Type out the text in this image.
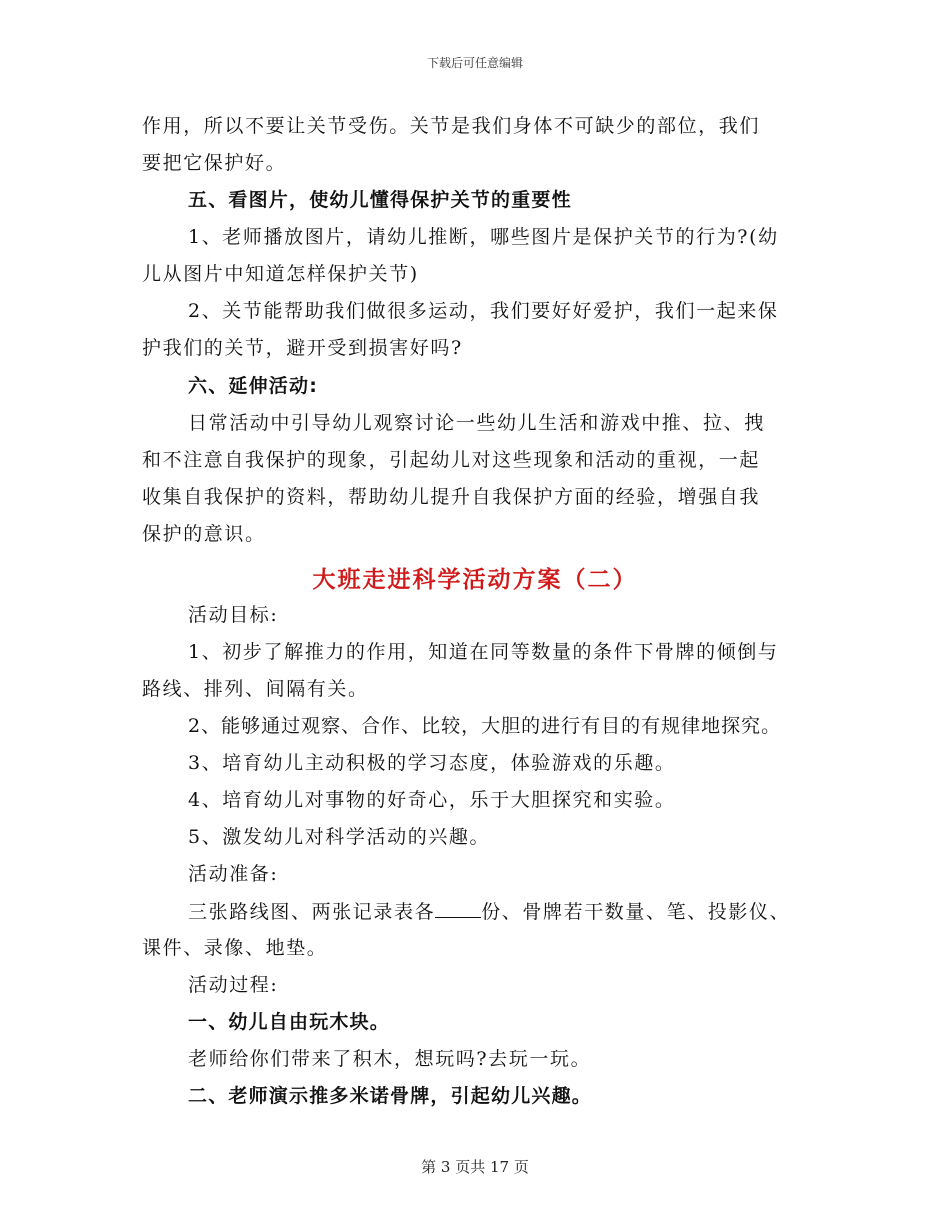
下载后可任意编辑
作用，所以不要让关节受伤。关节是我们身体不可缺少的部位，我们
要把它保护好。
五、看图片，使幼儿懂得保护关节的重要性
1、老师播放图片，请幼儿推断，哪些图片是保护关节的行为?(幼
儿从图片中知道怎样保护关节)
2、关节能帮助我们做很多运动，我们要好好爱护，我们一起来保
护我们的关节，避开受到损害好吗?
六、延伸活动:
日常活动中引导幼儿观察讨论一些幼儿生活和游戏中推、拉、拽
和不注意自我保护的现象，引起幼儿对这些现象和活动的重视，一起
收集自我保护的资料，帮助幼儿提升自我保护方面的经验，增强自我
保护的意识。
大班走进科学活动方案（二）
活动目标:
1、初步了解推力的作用，知道在同等数量的条件下骨牌的倾倒与
路线、排列、间隔有关。
2、能够通过观察、合作、比较，大胆的进行有目的有规律地探究。
3、培育幼儿主动积极的学习态度，体验游戏的乐趣。
4、培育幼儿对事物的好奇心，乐于大胆探究和实验。
5、激发幼儿对科学活动的兴趣。
活动准备:
三张路线图、两张记录表各 份、骨牌若干数量、笔、投影仪、
课件、录像、地垫。
活动过程:
一、幼儿自由玩木块。
老师给你们带来了积木，想玩吗?去玩一玩。
二、老师演示推多米诺骨牌，引起幼儿兴趣。
第 3 页共 17 页
